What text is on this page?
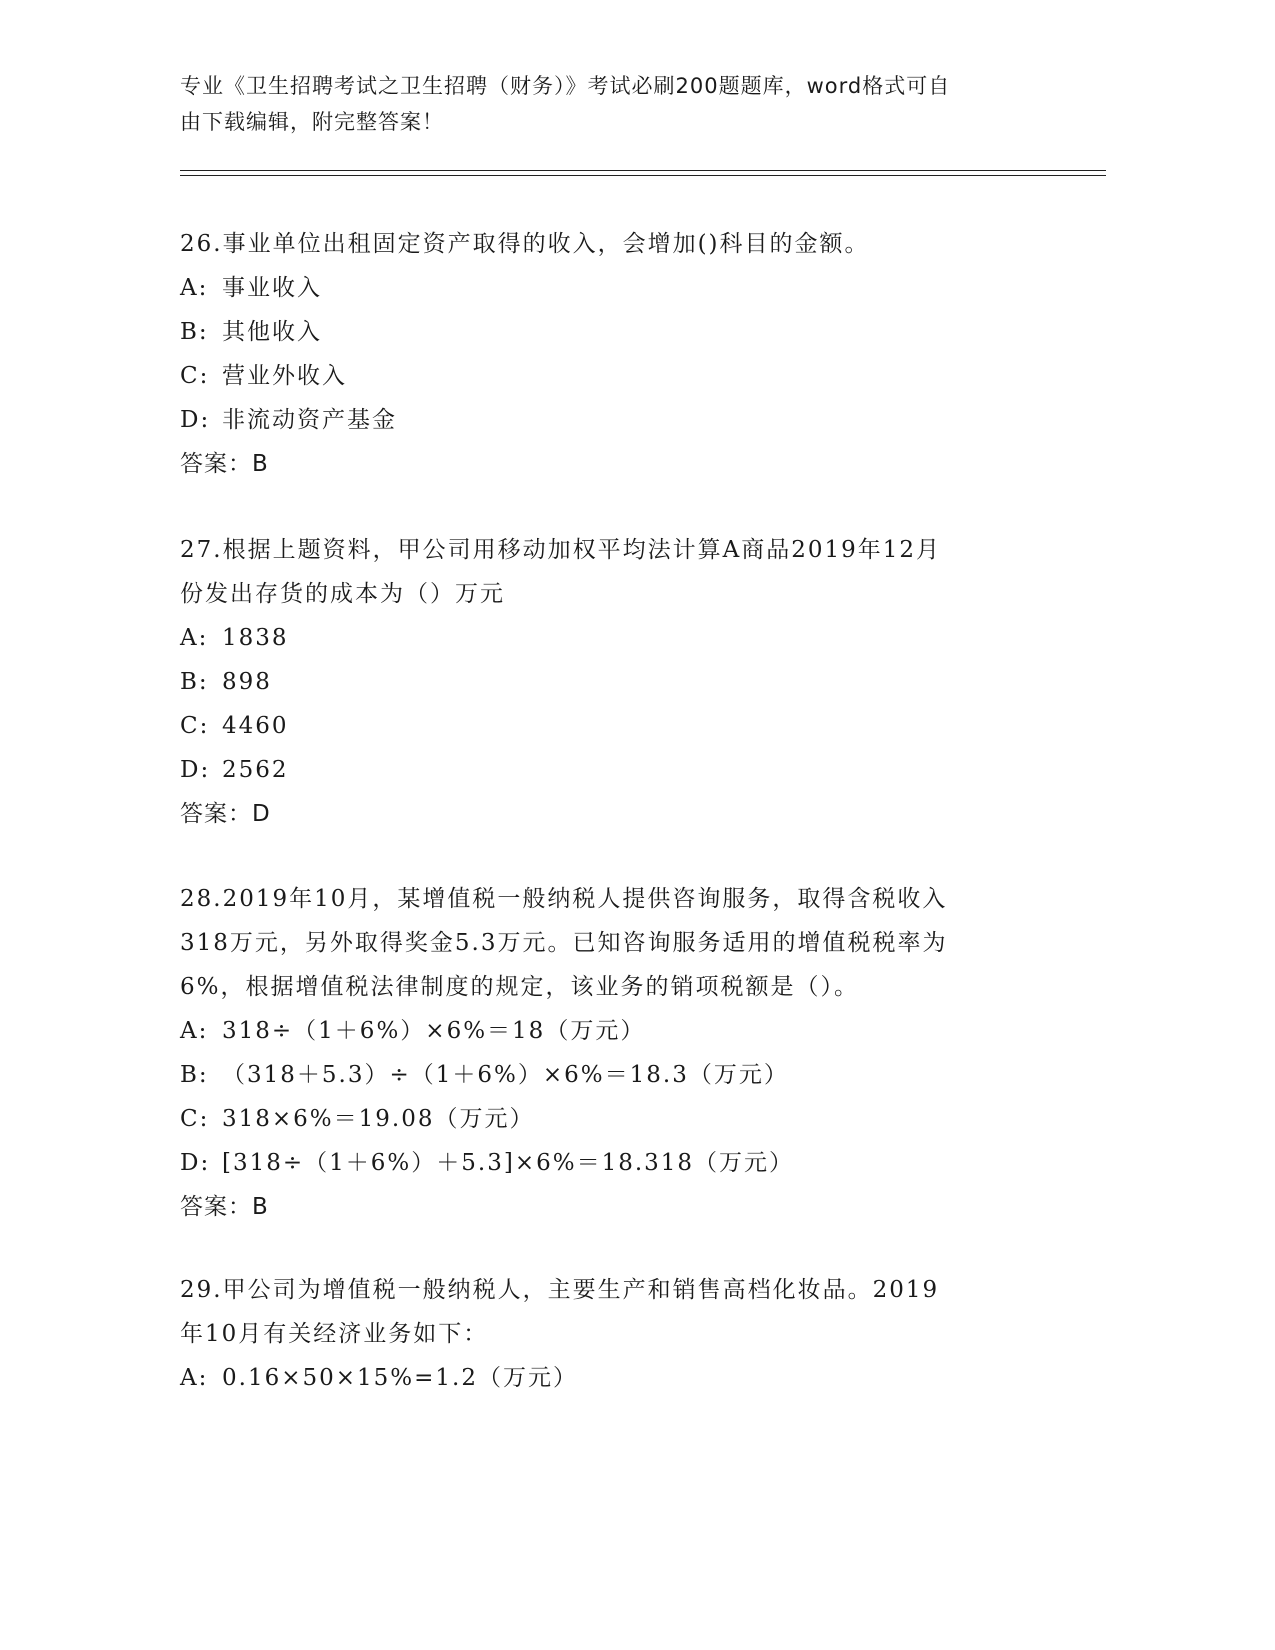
专业《卫生招聘考试之卫生招聘（财务）》考试必刷200题题库，word格式可自
由下载编辑，附完整答案！
26.事业单位出租固定资产取得的收入，会增加()科目的金额。
A: 事业收入
B: 其他收入
C: 营业外收入
D: 非流动资产基金
答案：B
27.根据上题资料，甲公司用移动加权平均法计算A商品2019年12月
份发出存货的成本为（）万元
A: 1838
B: 898
C: 4460
D: 2562
答案：D
28.2019年10月，某增值税一般纳税人提供咨询服务，取得含税收入
318万元，另外取得奖金5.3万元。已知咨询服务适用的增值税税率为
6%，根据增值税法律制度的规定，该业务的销项税额是（）。
A: 318÷（1＋6%）×6%＝18（万元）
B: （318＋5.3）÷（1＋6%）×6%＝18.3（万元）
C: 318×6%＝19.08（万元）
D: [318÷（1＋6%）＋5.3]×6%＝18.318（万元）
答案：B
29.甲公司为增值税一般纳税人，主要生产和销售高档化妆品。2019
年10月有关经济业务如下：
A: 0.16×50×15%=1.2（万元）
